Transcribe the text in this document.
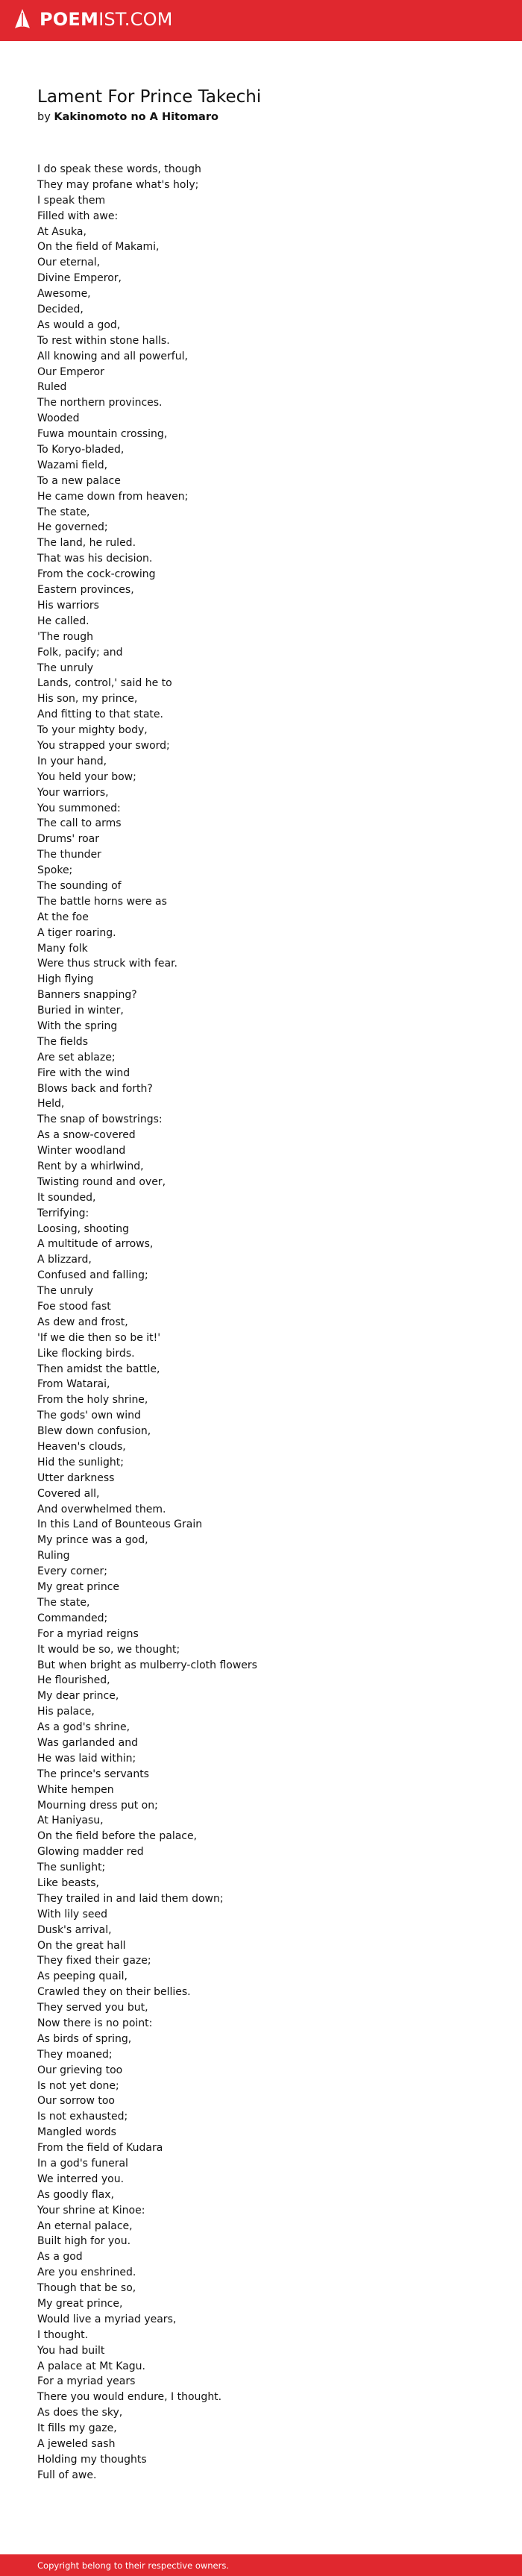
POEMIST.COM
Lament For Prince Takechi
by Kakinomoto no A Hitomaro
I do speak these words, though
They may profane what's holy;
I speak them
Filled with awe:
At Asuka,
On the field of Makami,
Our eternal,
Divine Emperor,
Awesome,
Decided,
As would a god,
To rest within stone halls.
All knowing and all powerful,
Our Emperor
Ruled
The northern provinces.
Wooded
Fuwa mountain crossing,
To Koryo-bladed,
Wazami field,
To a new palace
He came down from heaven;
The state,
He governed;
The land, he ruled.
That was his decision.
From the cock-crowing
Eastern provinces,
His warriors
He called.
'The rough
Folk, pacify; and
The unruly
Lands, control,' said he to
His son, my prince,
And fitting to that state.
To your mighty body,
You strapped your sword;
In your hand,
You held your bow;
Your warriors,
You summoned:
The call to arms
Drums' roar
The thunder
Spoke;
The sounding of
The battle horns were as
At the foe
A tiger roaring.
Many folk
Were thus struck with fear.
High flying
Banners snapping?
Buried in winter,
With the spring
The fields
Are set ablaze;
Fire with the wind
Blows back and forth?
Held,
The snap of bowstrings:
As a snow-covered
Winter woodland
Rent by a whirlwind,
Twisting round and over,
It sounded,
Terrifying:
Loosing, shooting
A multitude of arrows,
A blizzard,
Confused and falling;
The unruly
Foe stood fast
As dew and frost,
'If we die then so be it!'
Like flocking birds.
Then amidst the battle,
From Watarai,
From the holy shrine,
The gods' own wind
Blew down confusion,
Heaven's clouds,
Hid the sunlight;
Utter darkness
Covered all,
And overwhelmed them.
In this Land of Bounteous Grain
My prince was a god,
Ruling
Every corner;
My great prince
The state,
Commanded;
For a myriad reigns
It would be so, we thought;
But when bright as mulberry-cloth flowers
He flourished,
My dear prince,
His palace,
As a god's shrine,
Was garlanded and
He was laid within;
The prince's servants
White hempen
Mourning dress put on;
At Haniyasu,
On the field before the palace,
Glowing madder red
The sunlight;
Like beasts,
They trailed in and laid them down;
With lily seed
Dusk's arrival,
On the great hall
They fixed their gaze;
As peeping quail,
Crawled they on their bellies.
They served you but,
Now there is no point:
As birds of spring,
They moaned;
Our grieving too
Is not yet done;
Our sorrow too
Is not exhausted;
Mangled words
From the field of Kudara
In a god's funeral
We interred you.
As goodly flax,
Your shrine at Kinoe:
An eternal palace,
Built high for you.
As a god
Are you enshrined.
Though that be so,
My great prince,
Would live a myriad years,
I thought.
You had built
A palace at Mt Kagu.
For a myriad years
There you would endure, I thought.
As does the sky,
It fills my gaze,
A jeweled sash
Holding my thoughts
Full of awe.
Copyright belong to their respective owners.
